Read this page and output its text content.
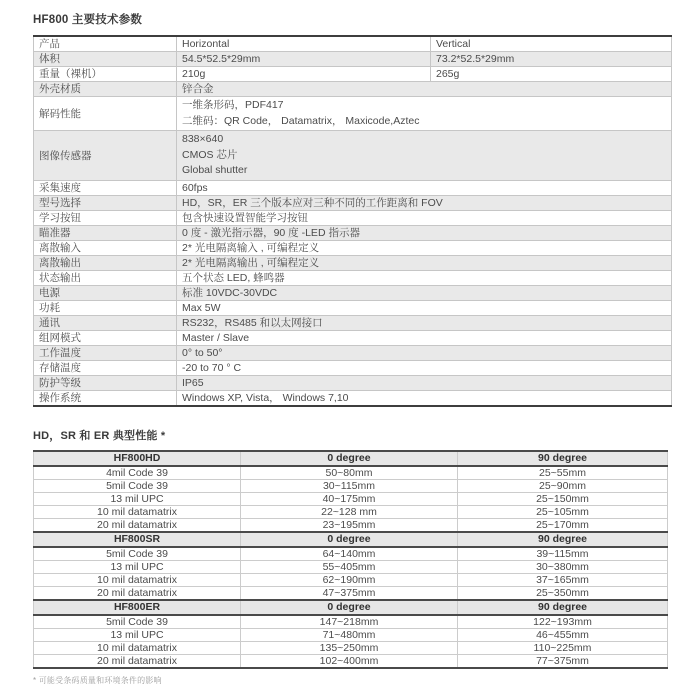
HF800 主要技术参数
产品	Horizontal	Vertical
体积	54.5*52.5*29mm	73.2*52.5*29mm
重量（裸机）	210g	265g
外壳材质	锌合金	
解码性能	一维条形码，PDF417
二维码：QR Code， Datamatrix， Maxicode,Aztec	

图像传感器	838×640
CMOS 芯片
Global shutter	

采集速度	60fps	
型号选择	HD，SR，ER 三个版本应对三种不同的工作距离和 FOV	
学习按钮	包含快速设置智能学习按钮	
瞄准器	0 度 - 激光指示器，90 度 -LED 指示器	
离散输入	2* 光电隔离输入 , 可编程定义	
离散输出	2* 光电隔离输出 , 可编程定义	
状态输出	五个状态 LED, 蜂鸣器	
电源	标准 10VDC-30VDC	
功耗	Max 5W	
通讯	RS232，RS485 和以太网接口	
组网模式	Master / Slave	
工作温度	0° to 50°	
存储温度	-20 to 70 ° C	
防护等级	IP65	
操作系统	Windows XP, Vista， Windows 7,10	
HD，SR 和 ER 典型性能 *
HF800HD	0 degree	90 degree
4mil Code 39	50~80mm	25~55mm
5mil Code 39	30~115mm	25~90mm
13 mil UPC	40~175mm	25~150mm
10 mil datamatrix	22~128 mm	25~105mm
20 mil datamatrix	23~195mm	25~170mm
HF800SR	0 degree	90 degree
5mil Code 39	64~140mm	39~115mm
13 mil UPC	55~405mm	30~380mm
10 mil datamatrix	62~190mm	37~165mm
20 mil datamatrix	47~375mm	25~350mm
HF800ER	0 degree	90 degree
5mil Code 39	147~218mm	122~193mm
13 mil UPC	71~480mm	46~455mm
10 mil datamatrix	135~250mm	110~225mm
20 mil datamatrix	102~400mm	77~375mm
* 可能受条码质量和环境条件的影响
